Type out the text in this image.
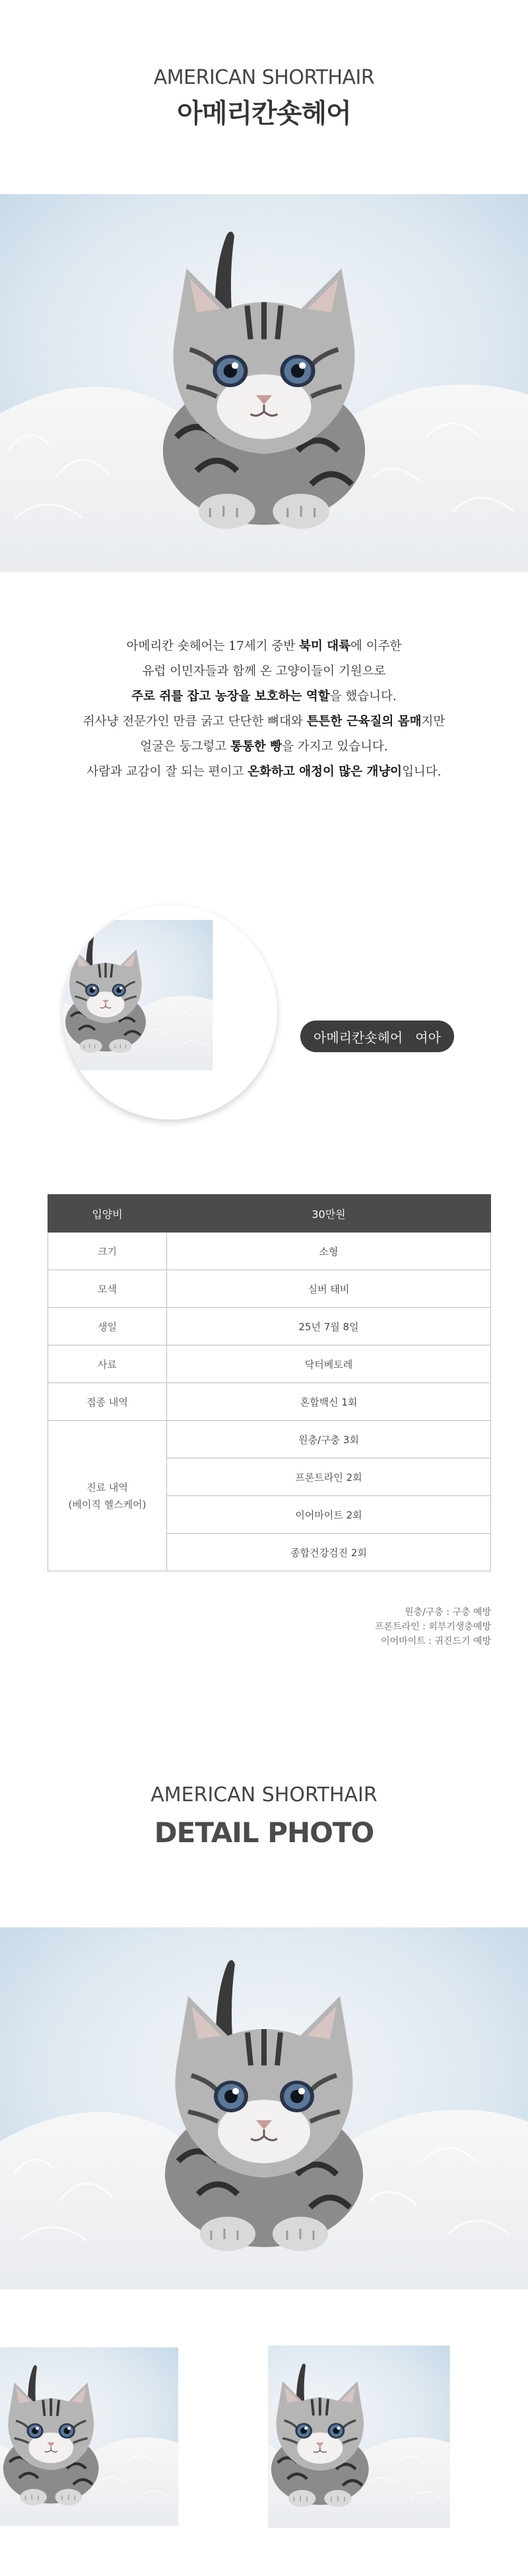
AMERICAN SHORTHAIR
아메리칸숏헤어
아메리칸 숏헤어는 17세기 중반 북미 대륙에 이주한
유럽 이민자들과 함께 온 고양이들이 기원으로
주로 쥐를 잡고 농장을 보호하는 역할을 했습니다.
쥐사냥 전문가인 만큼 굵고 단단한 뼈대와 튼튼한 근육질의 몸매지만
얼굴은 둥그렇고 통통한 빵을 가지고 있습니다.
사람과 교감이 잘 되는 편이고 온화하고 애정이 많은 개냥이입니다.
아메리칸숏헤어   여아
입양비	30만원
크기	소형
모색	실버 태비
생일	25년 7월 8일
사료	닥터베토레
접종 내역	혼합백신 1회

진료 내역
(베이직 헬스케어)	원충/구충 3회
	프론트라인 2회
	이어마이트 2회
	종합건강검진 2회
원충/구충 : 구충 예방
프론트라인 : 외부기생충예방
이어마이트 : 귀진드기 예방
AMERICAN SHORTHAIR
DETAIL PHOTO
